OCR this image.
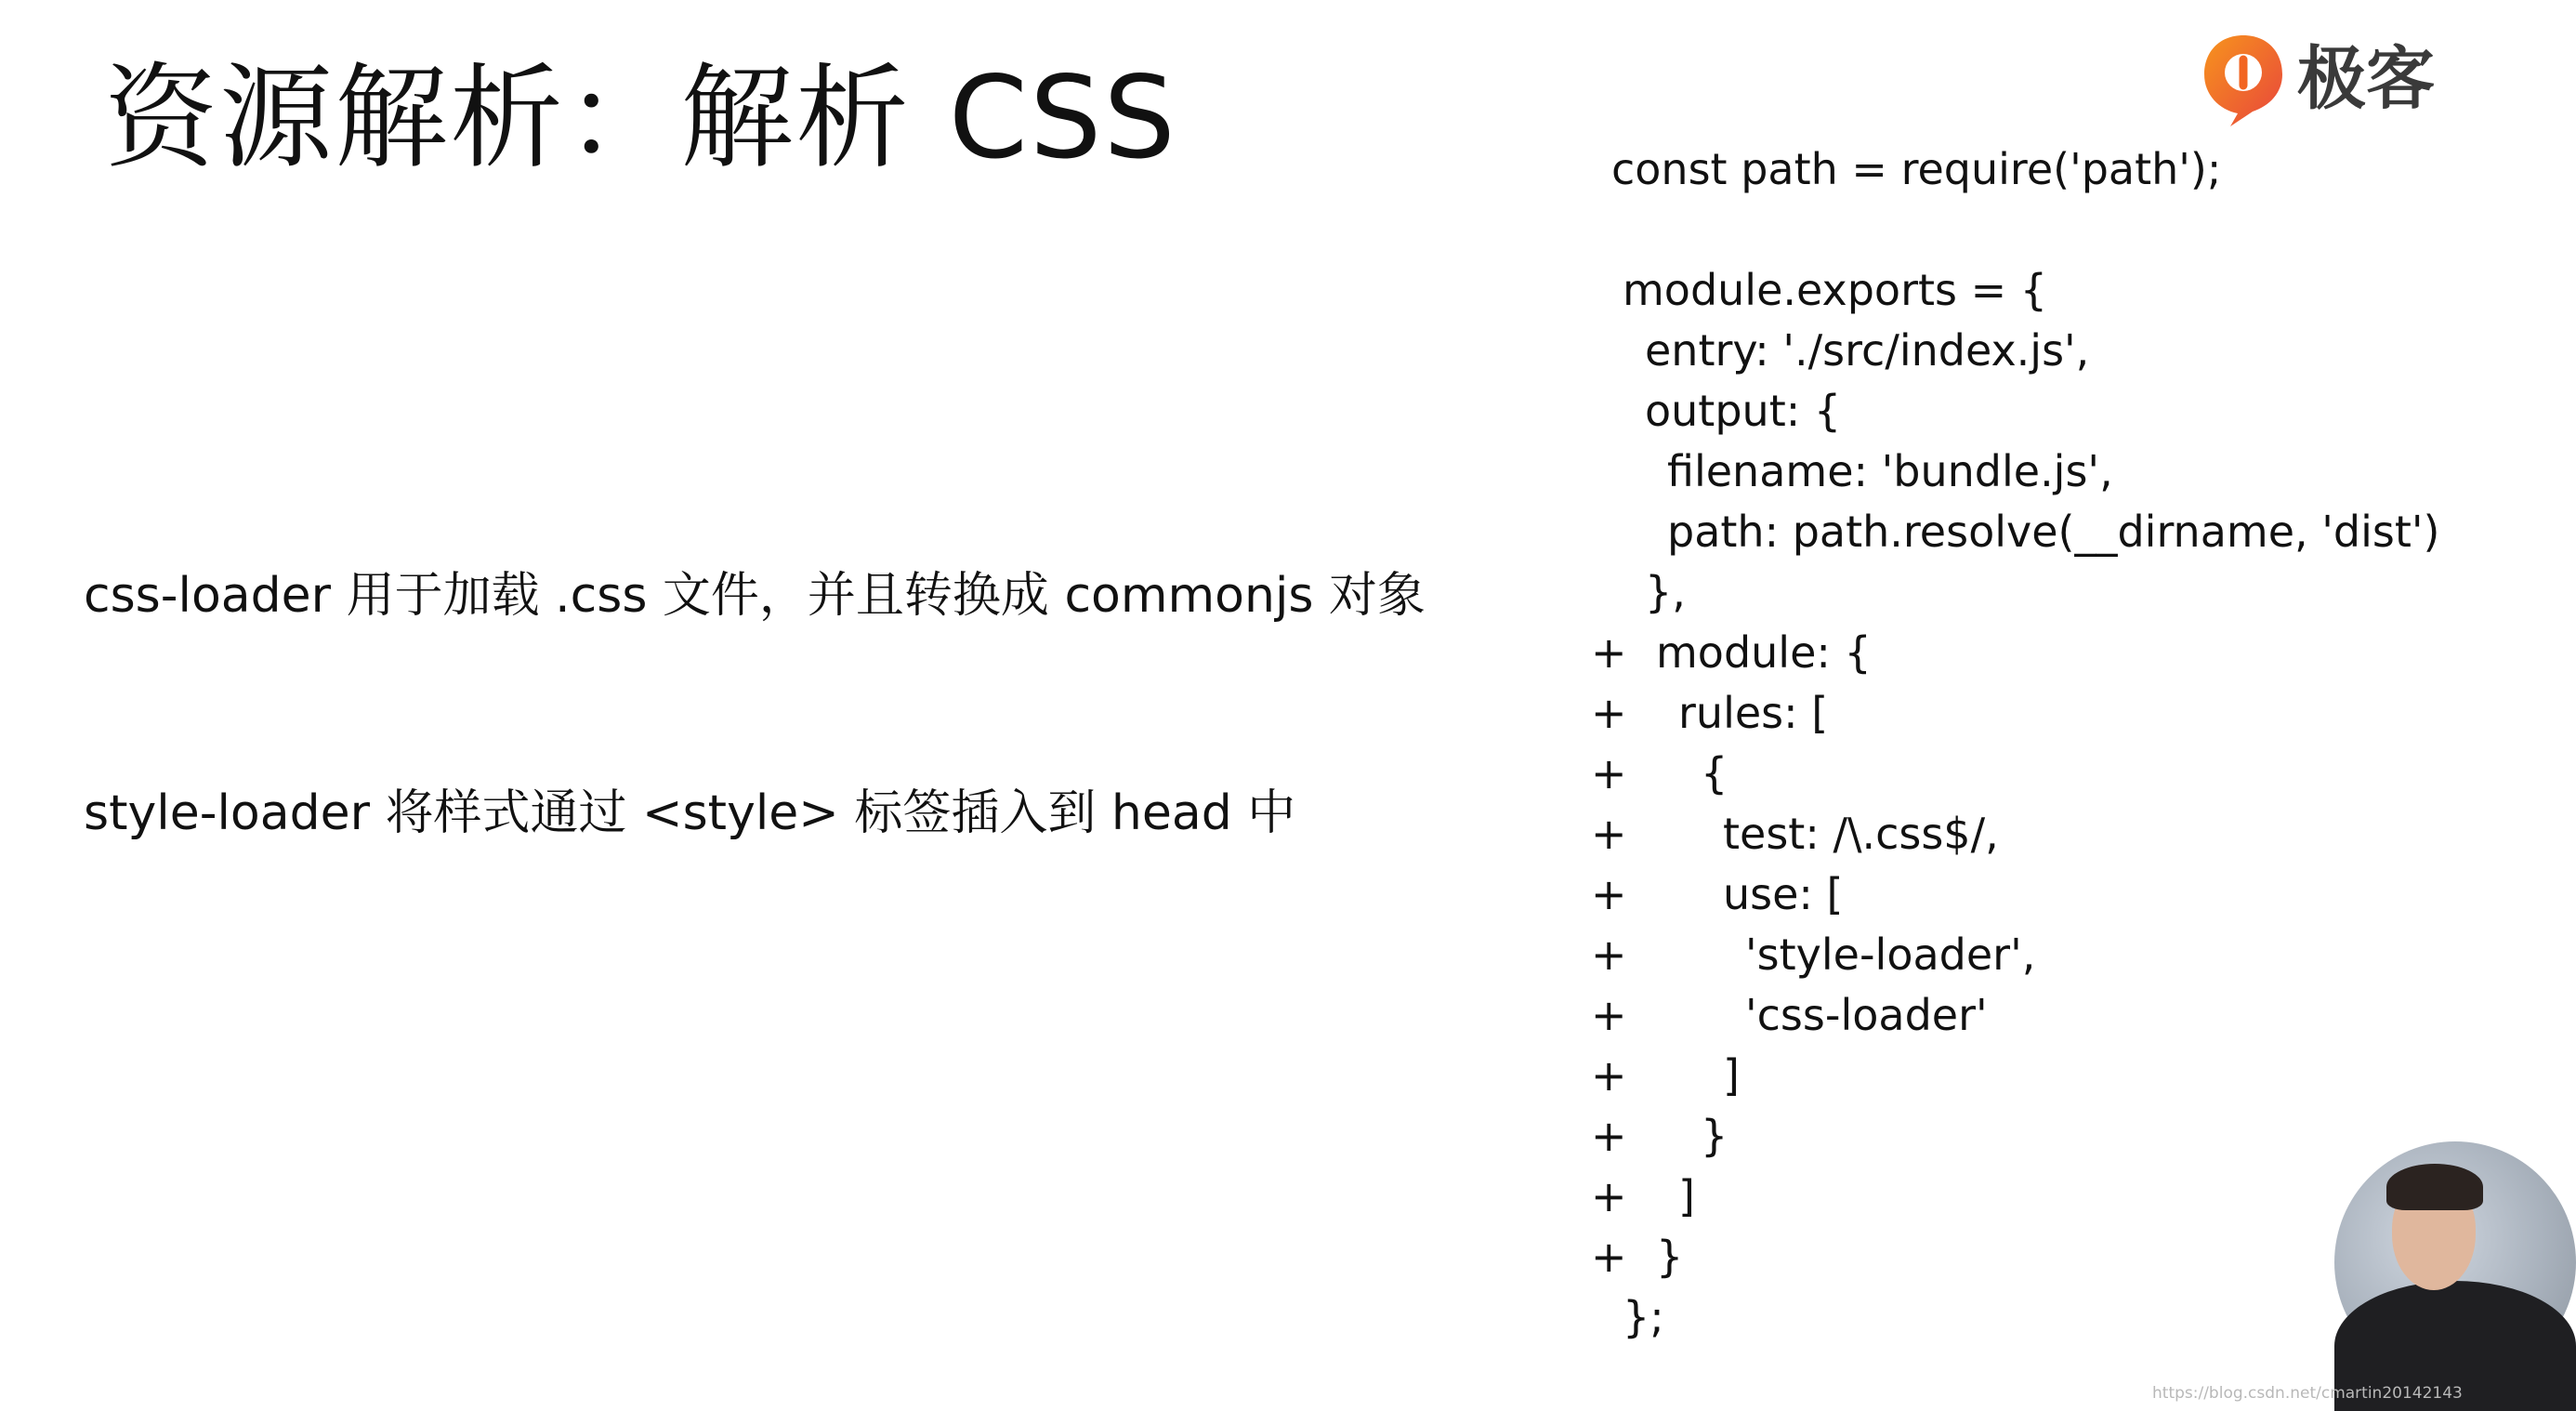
资源解析：解析 CSS
css-loader 用于加载 .css 文件，并且转换成 commonjs 对象
style-loader 将样式通过 <style> 标签插入到 head 中
const path = require('path');
module.exports = {
entry: './src/index.js',
output: {
filename: 'bundle.js',
path: path.resolve(__dirname, 'dist')
},
+ module: {
+ rules: [
+ {
+ test: /\.css$/,
+ use: [
+	'style-loader',
+	'css-loader'
+ ]
+ }
+ ]
+ }
};
极客
https://blog.csdn.net/cmartin20142143
